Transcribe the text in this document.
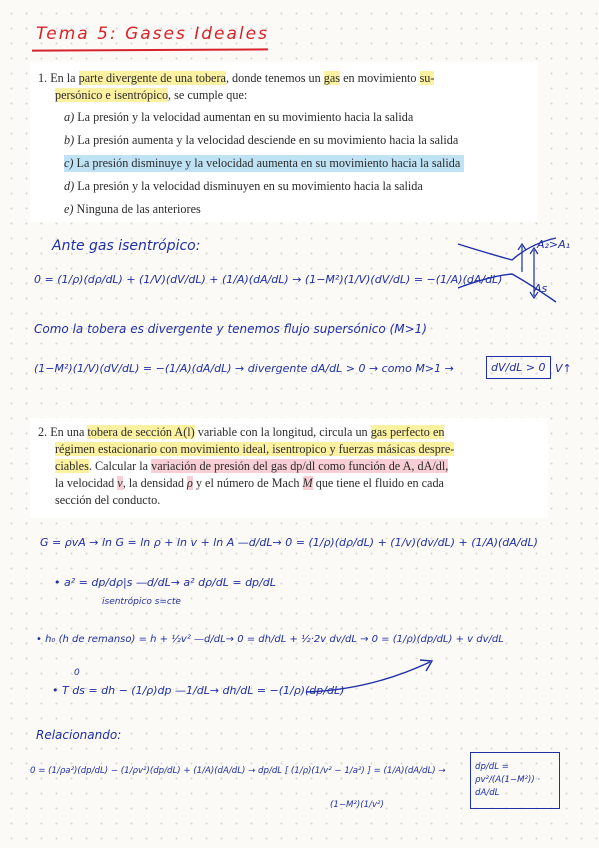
Tema 5: Gases Ideales
1. En la parte divergente de una tobera, donde tenemos un gas en movimiento su-
persónico e isentrópico, se cumple que:
a) La presión y la velocidad aumentan en su movimiento hacia la salida
b) La presión aumenta y la velocidad desciende en su movimiento hacia la salida
c) La presión disminuye y la velocidad aumenta en su movimiento hacia la salida
d) La presión y la velocidad disminuyen en su movimiento hacia la salida
e) Ninguna de las anteriores
Ante gas isentrópico:
0 = (1/ρ)(dρ/dL) + (1/V)(dV/dL) + (1/A)(dA/dL) → (1−M²)(1/V)(dV/dL) = −(1/A)(dA/dL)
A₂>A₁
As
Como la tobera es divergente y tenemos flujo supersónico (M>1)
(1−M²)(1/V)(dV/dL) = −(1/A)(dA/dL) → divergente dA/dL > 0 → como M>1 →	dV/dL > 0 V↑
2. En una tobera de sección A(l) variable con la longitud, circula un gas perfecto en
régimen estacionario con movimiento ideal, isentropico y fuerzas másicas despre-
ciables. Calcular la variación de presión del gas dp/dl como función de A, dA/dl,
la velocidad v, la densidad ρ y el número de Mach M que tiene el fluido en cada
sección del conducto.
G = ρvA → ln G = ln ρ + ln v + ln A —d/dL→ 0 = (1/ρ)(dρ/dL) + (1/v)(dv/dL) + (1/A)(dA/dL)
• a² = dp/dρ|s —d/dL→ a² dρ/dL = dp/dL
isentrópico s=cte
• h₀ (h de remanso) = h + ½v² —d/dL→ 0 = dh/dL + ½·2v dv/dL → 0 = (1/ρ)(dp/dL) + v dv/dL
• T ds = dh − (1/ρ)dp —1/dL→ dh/dL = −(1/ρ)(dp/dL)
0
Relacionando:
0 = (1/ρa²)(dp/dL) − (1/ρv²)(dp/dL) + (1/A)(dA/dL) → dp/dL [ (1/ρ)(1/v² − 1/a²) ] = (1/A)(dA/dL) →	dp/dL = ρv²/(A(1−M²)) · dA/dL
(1−M²)(1/v²)
